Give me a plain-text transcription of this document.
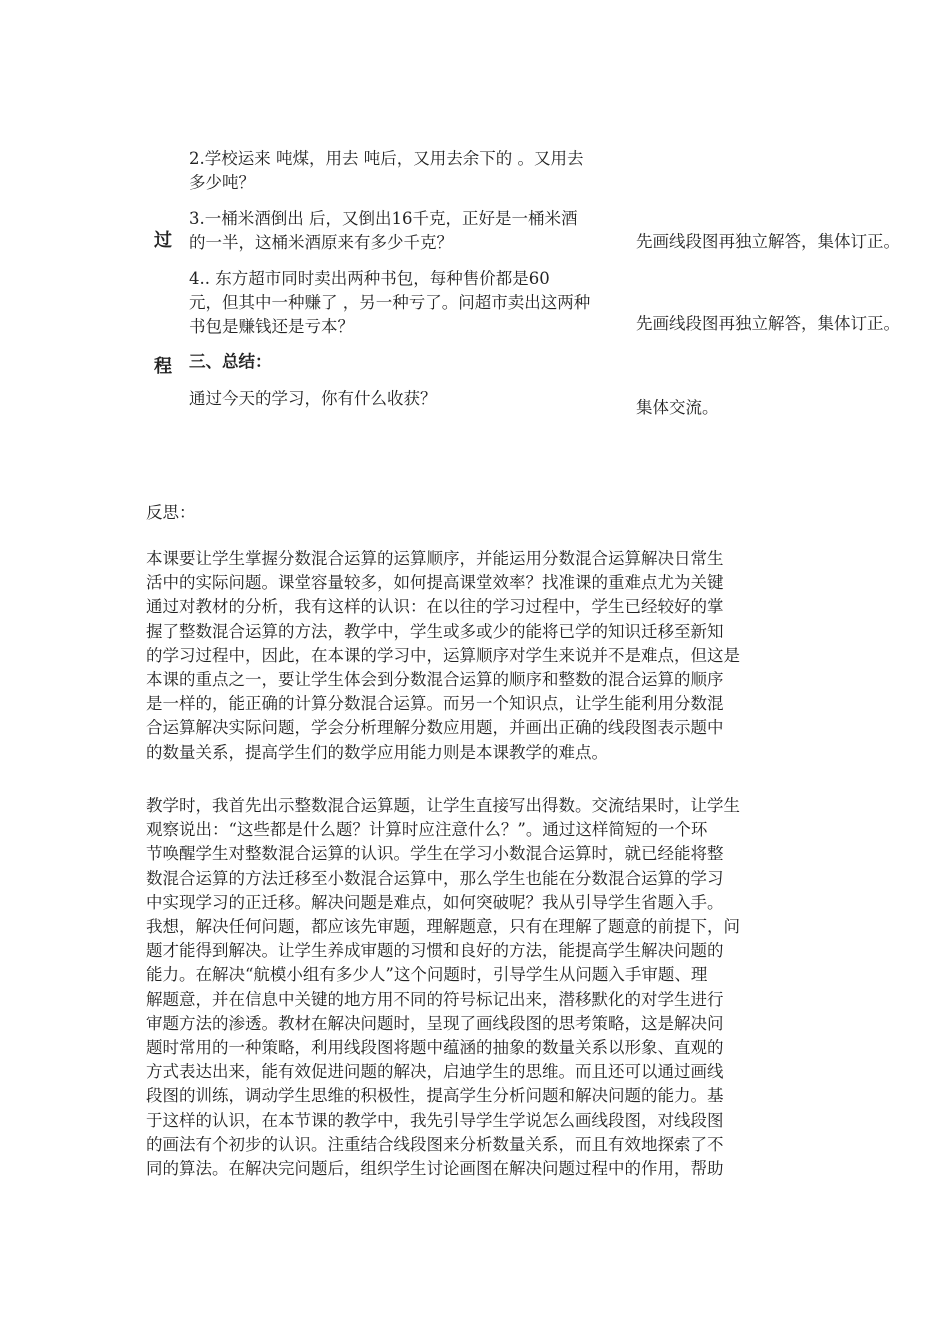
过
程
2.学校运来 吨煤，用去 吨后，又用去余下的 。又用去
多少吨？
3.一桶米酒倒出 后，又倒出16千克，正好是一桶米酒
的一半，这桶米酒原来有多少千克？
4.. 东方超市同时卖出两种书包，每种售价都是60
元，但其中一种赚了 ，另一种亏了。问超市卖出这两种
书包是赚钱还是亏本？
三、总结：
通过今天的学习，你有什么收获？
先画线段图再独立解答，集体订正。
先画线段图再独立解答，集体订正。
集体交流。
反思：
本课要让学生掌握分数混合运算的运算顺序，并能运用分数混合运算解决日常生
活中的实际问题。课堂容量较多，如何提高课堂效率？找准课的重难点尤为关键
通过对教材的分析，我有这样的认识：在以往的学习过程中，学生已经较好的掌
握了整数混合运算的方法，教学中，学生或多或少的能将已学的知识迁移至新知
的学习过程中，因此，在本课的学习中，运算顺序对学生来说并不是难点，但这是
本课的重点之一，要让学生体会到分数混合运算的顺序和整数的混合运算的顺序
是一样的，能正确的计算分数混合运算。而另一个知识点，让学生能利用分数混
合运算解决实际问题，学会分析理解分数应用题，并画出正确的线段图表示题中
的数量关系，提高学生们的数学应用能力则是本课教学的难点。
教学时，我首先出示整数混合运算题，让学生直接写出得数。交流结果时，让学生
观察说出：“这些都是什么题？计算时应注意什么？”。通过这样简短的一个环
节唤醒学生对整数混合运算的认识。学生在学习小数混合运算时，就已经能将整
数混合运算的方法迁移至小数混合运算中，那么学生也能在分数混合运算的学习
中实现学习的正迁移。解决问题是难点，如何突破呢？我从引导学生省题入手。
我想，解决任何问题，都应该先审题，理解题意，只有在理解了题意的前提下，问
题才能得到解决。让学生养成审题的习惯和良好的方法，能提高学生解决问题的
能力。在解决“航模小组有多少人”这个问题时，引导学生从问题入手审题、理
解题意，并在信息中关键的地方用不同的符号标记出来，潜移默化的对学生进行
审题方法的渗透。教材在解决问题时，呈现了画线段图的思考策略，这是解决问
题时常用的一种策略，利用线段图将题中蕴涵的抽象的数量关系以形象、直观的
方式表达出来，能有效促进问题的解决，启迪学生的思维。而且还可以通过画线
段图的训练，调动学生思维的积极性，提高学生分析问题和解决问题的能力。基
于这样的认识，在本节课的教学中，我先引导学生学说怎么画线段图，对线段图
的画法有个初步的认识。注重结合线段图来分析数量关系，而且有效地探索了不
同的算法。在解决完问题后，组织学生讨论画图在解决问题过程中的作用，帮助
